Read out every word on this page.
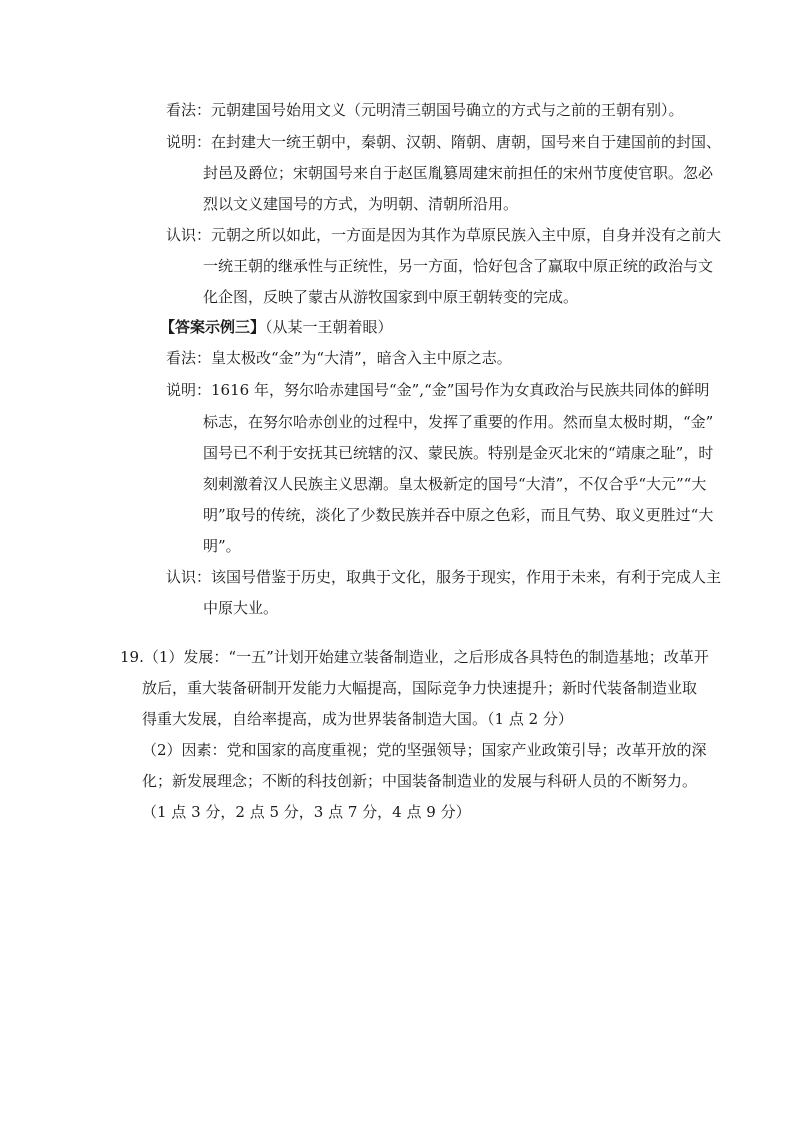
看法：元朝建国号始用文义（元明清三朝国号确立的方式与之前的王朝有别）。
说明：在封建大一统王朝中，秦朝、汉朝、隋朝、唐朝，国号来自于建国前的封国、
封邑及爵位；宋朝国号来自于赵匡胤篡周建宋前担任的宋州节度使官职。忽必
烈以文义建国号的方式，为明朝、清朝所沿用。
认识：元朝之所以如此，一方面是因为其作为草原民族入主中原，自身并没有之前大
一统王朝的继承性与正统性，另一方面，恰好包含了赢取中原正统的政治与文
化企图，反映了蒙古从游牧国家到中原王朝转变的完成。
【答案示例三】（从某一王朝着眼）
看法：皇太极改“金”为“大清”，暗含入主中原之志。
说明：1616 年，努尔哈赤建国号“金”,“金”国号作为女真政治与民族共同体的鲜明
标志，在努尔哈赤创业的过程中，发挥了重要的作用。然而皇太极时期，“金”
国号已不利于安抚其已统辖的汉、蒙民族。特别是金灭北宋的“靖康之耻”，时
刻刺激着汉人民族主义思潮。皇太极新定的国号“大清”，不仅合乎“大元”“大
明”取号的传统，淡化了少数民族并吞中原之色彩，而且气势、取义更胜过“大
明”。
认识：该国号借鉴于历史，取典于文化，服务于现实，作用于未来，有利于完成人主
中原大业。
19.（1）发展：“一五”计划开始建立装备制造业，之后形成各具特色的制造基地；改革开
放后，重大装备研制开发能力大幅提高，国际竞争力快速提升；新时代装备制造业取
得重大发展，自给率提高，成为世界装备制造大国。（1 点 2 分）
（2）因素：党和国家的高度重视；党的坚强领导；国家产业政策引导；改革开放的深
化；新发展理念；不断的科技创新；中国装备制造业的发展与科研人员的不断努力。
（1 点 3 分，2 点 5 分，3 点 7 分，4 点 9 分）
